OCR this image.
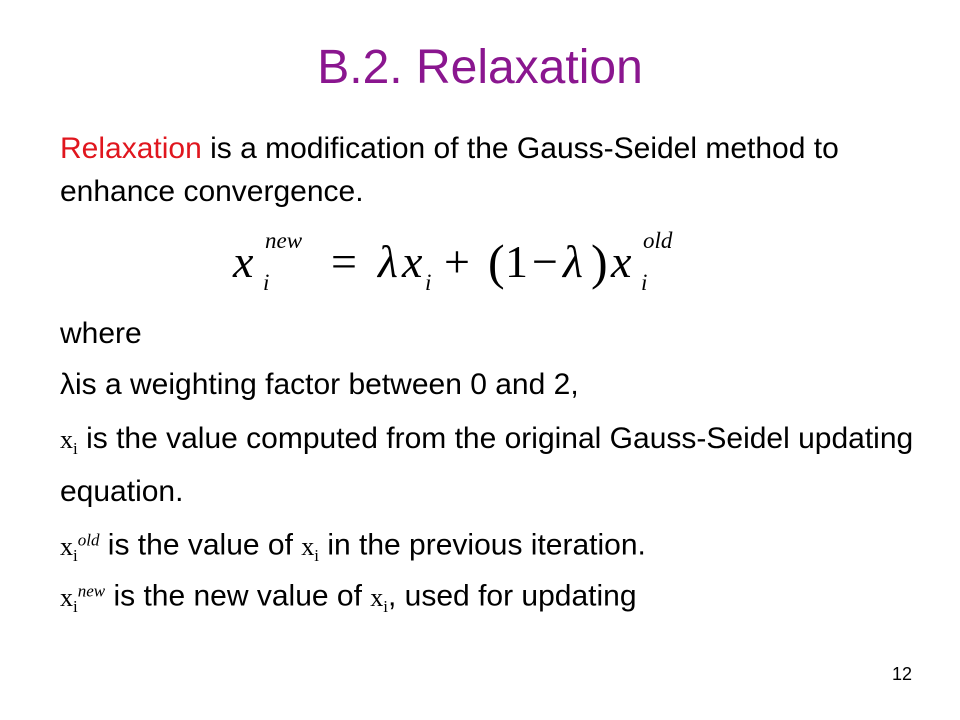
B.2. Relaxation
Relaxation is a modification of the Gauss-Seidel method to enhance convergence.
x new
i = λ x i + ( 1 − λ ) x old
i
where
λis a weighting factor between 0 and 2,
$x_i$ is the value computed from the original Gauss-Seidel updating equation.
$x_i^{old}$ is the value of $x_i$ in the previous iteration.
$x_i^{new}$ is the new value of $x_i$, used for updating
12
